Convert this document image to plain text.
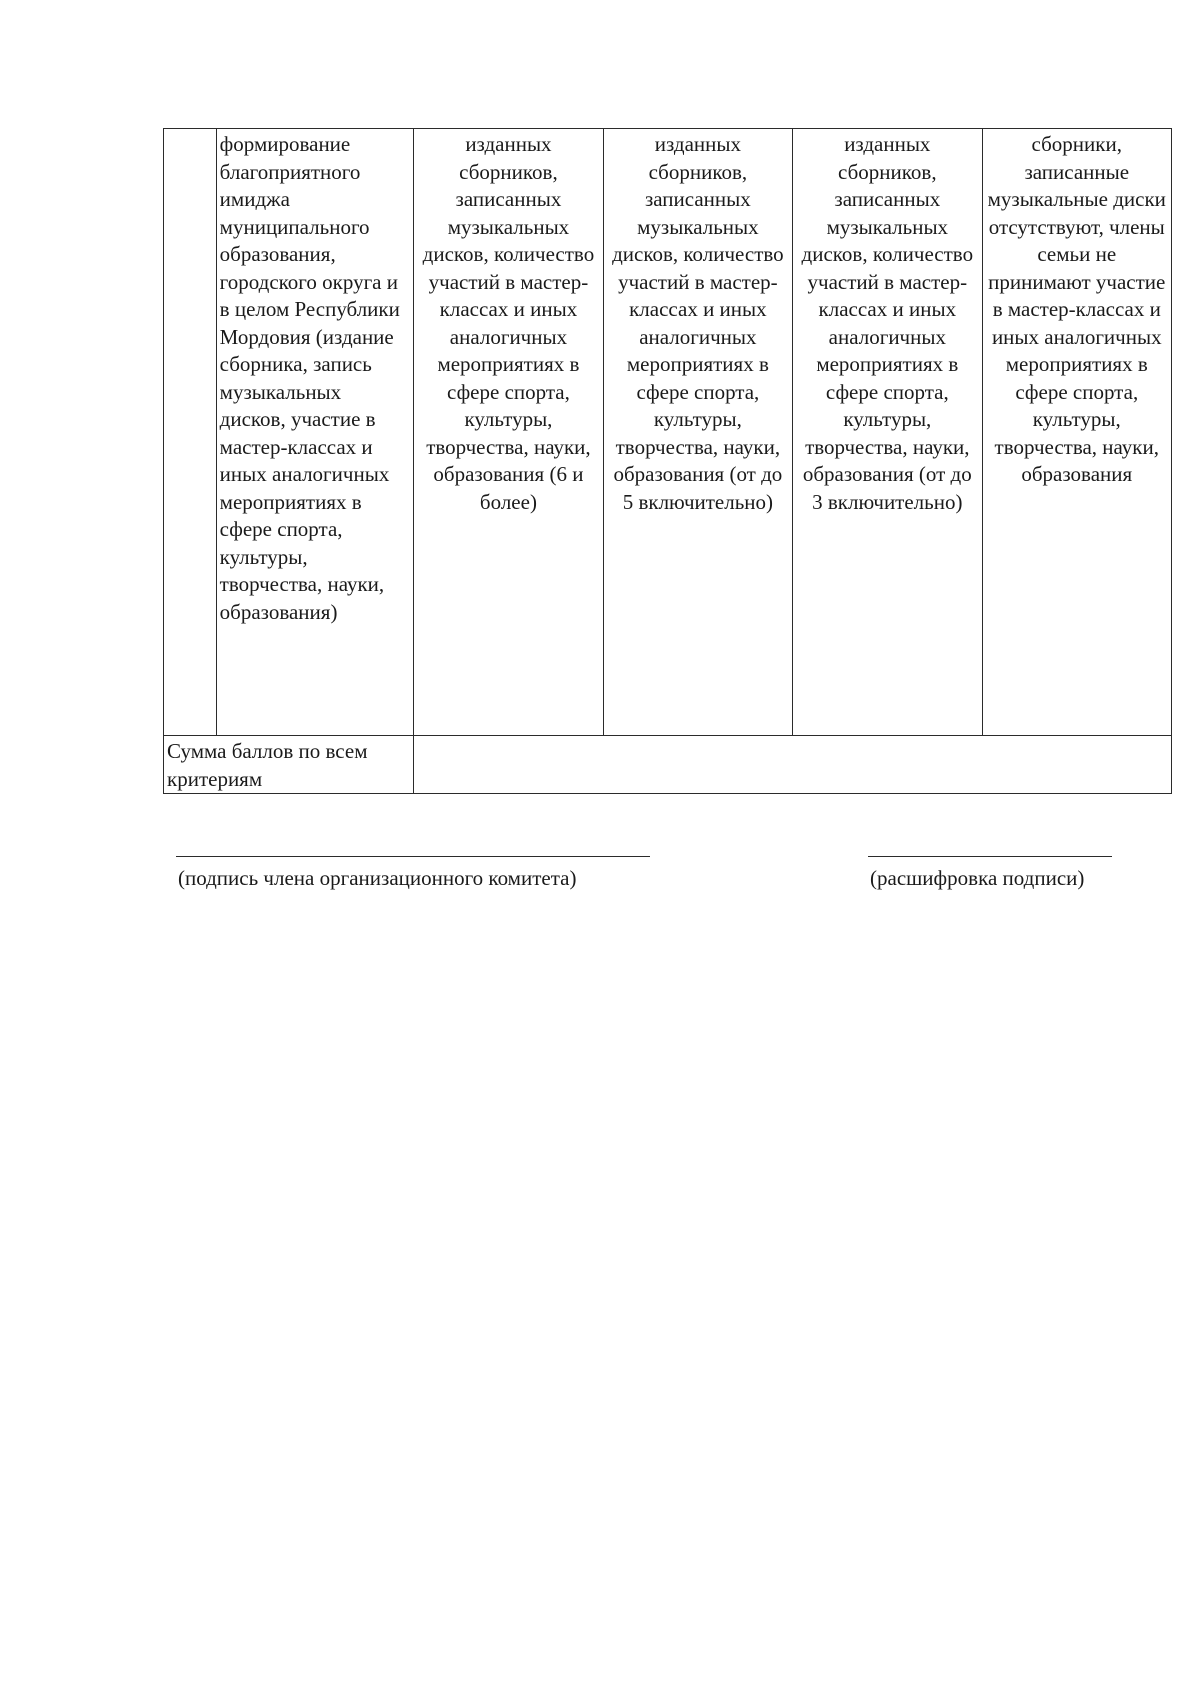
	формирование благоприятного имиджа муниципального образования, городского округа и в целом Республики Мордовия (издание сборника, запись музыкальных дисков, участие в мастер-классах и иных аналогичных мероприятиях в сфере спорта, культуры, творчества, науки, образования)	изданных сборников, записанных музыкальных дисков, количество участий в мастер-классах и иных аналогичных мероприятиях в сфере спорта, культуры, творчества, науки, образования (6 и более)	изданных сборников, записанных музыкальных дисков, количество участий в мастер-классах и иных аналогичных мероприятиях в сфере спорта, культуры, творчества, науки, образования (от до 5 включительно)	изданных сборников, записанных музыкальных дисков, количество участий в мастер-классах и иных аналогичных мероприятиях в сфере спорта, культуры, творчества, науки, образования (от до 3 включительно)	сборники, записанные музыкальные диски отсутствуют, члены семьи не принимают участие в мастер-классах и иных аналогичных мероприятиях в сфере спорта, культуры, творчества, науки, образования
Сумма баллов по всем критериям					
(подпись члена организационного комитета)	(расшифровка подписи)
